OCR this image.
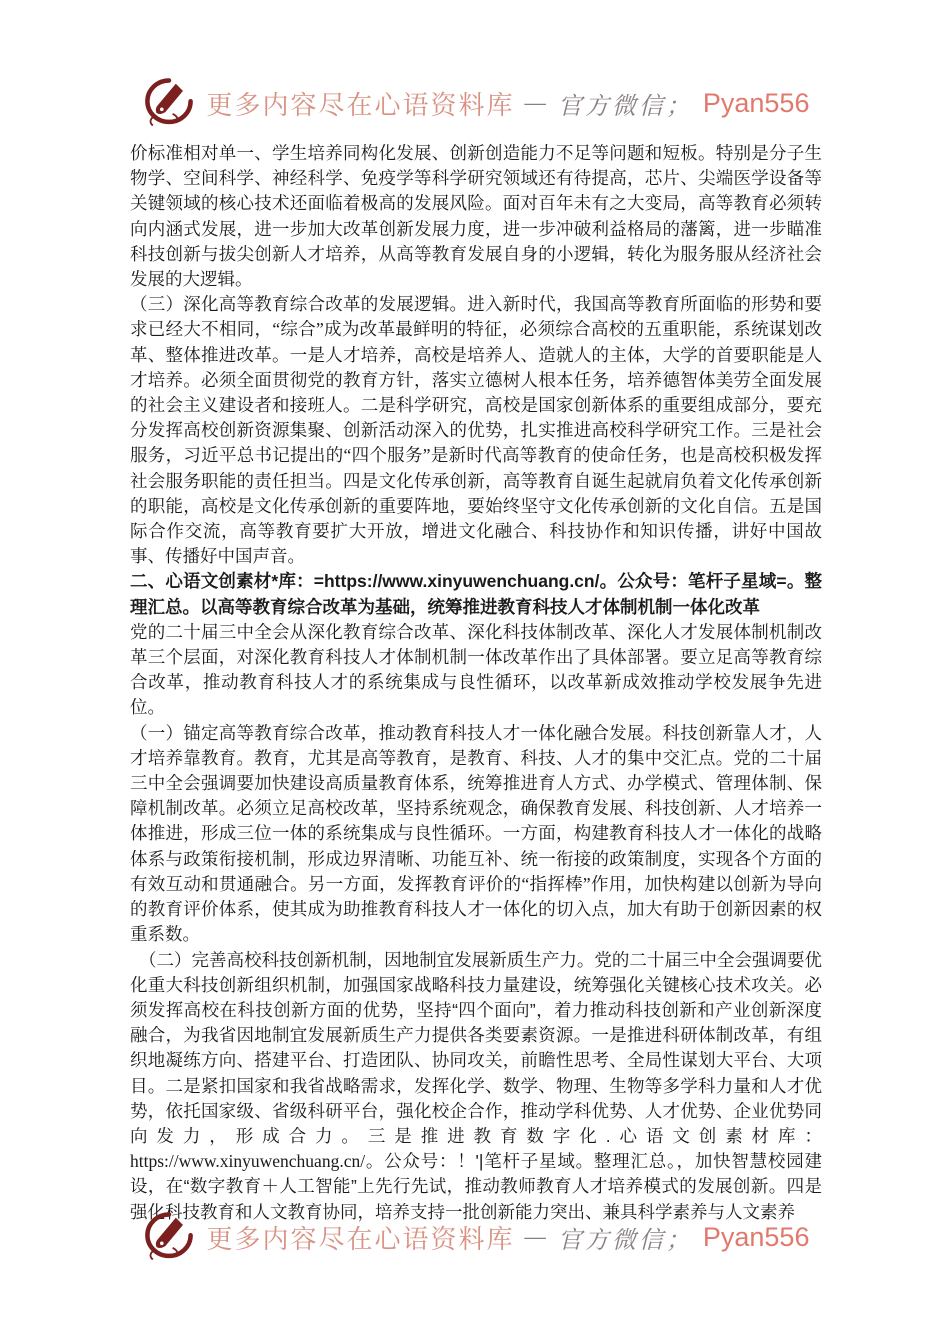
更多内容尽在心语资料库 — 官方微信； Pyan556

价标准相对单一、学生培养同构化发展、创新创造能力不足等问题和短板。特别是分子生物学、空间科学、神经科学、免疫学等科学研究领域还有待提高，芯片、尖端医学设备等关键领域的核心技术还面临着极高的发展风险。面对百年未有之大变局，高等教育必须转向内涵式发展，进一步加大改革创新发展力度，进一步冲破利益格局的藩篱，进一步瞄准科技创新与拔尖创新人才培养，从高等教育发展自身的小逻辑，转化为服务服从经济社会发展的大逻辑。

（三）深化高等教育综合改革的发展逻辑。进入新时代，我国高等教育所面临的形势和要求已经大不相同，“综合”成为改革最鲜明的特征，必须综合高校的五重职能，系统谋划改革、整体推进改革。一是人才培养，高校是培养人、造就人的主体，大学的首要职能是人才培养。必须全面贯彻党的教育方针，落实立德树人根本任务，培养德智体美劳全面发展的社会主义建设者和接班人。二是科学研究，高校是国家创新体系的重要组成部分，要充分发挥高校创新资源集聚、创新活动深入的优势，扎实推进高校科学研究工作。三是社会服务，习近平总书记提出的“四个服务”是新时代高等教育的使命任务，也是高校积极发挥社会服务职能的责任担当。四是文化传承创新，高等教育自诞生起就肩负着文化传承创新的职能，高校是文化传承创新的重要阵地，要始终坚守文化传承创新的文化自信。五是国际合作交流，高等教育要扩大开放，增进文化融合、科技协作和知识传播，讲好中国故事、传播好中国声音。

二、心语文创素材*库：=https://www.xinyuwenchuang.cn/。公众号：笔杆子星域=。整理汇总。以高等教育综合改革为基础，统筹推进教育科技人才体制机制一体化改革

党的二十届三中全会从深化教育综合改革、深化科技体制改革、深化人才发展体制机制改革三个层面，对深化教育科技人才体制机制一体改革作出了具体部署。要立足高等教育综合改革，推动教育科技人才的系统集成与良性循环，以改革新成效推动学校发展争先进位。

（一）锚定高等教育综合改革，推动教育科技人才一体化融合发展。科技创新靠人才，人才培养靠教育。教育，尤其是高等教育，是教育、科技、人才的集中交汇点。党的二十届三中全会强调要加快建设高质量教育体系，统筹推进育人方式、办学模式、管理体制、保障机制改革。必须立足高校改革，坚持系统观念，确保教育发展、科技创新、人才培养一体推进，形成三位一体的系统集成与良性循环。一方面，构建教育科技人才一体化的战略体系与政策衔接机制，形成边界清晰、功能互补、统一衔接的政策制度，实现各个方面的有效互动和贯通融合。另一方面，发挥教育评价的“指挥棒”作用，加快构建以创新为导向的教育评价体系，使其成为助推教育科技人才一体化的切入点，加大有助于创新因素的权重系数。

（二）完善高校科技创新机制，因地制宜发展新质生产力。党的二十届三中全会强调要优化重大科技创新组织机制，加强国家战略科技力量建设，统筹强化关键核心技术攻关。必须发挥高校在科技创新方面的优势，坚持“四个面向”，着力推动科技创新和产业创新深度融合，为我省因地制宜发展新质生产力提供各类要素资源。一是推进科研体制改革，有组织地凝练方向、搭建平台、打造团队、协同攻关，前瞻性思考、全局性谋划大平台、大项目。二是紧扣国家和我省战略需求，发挥化学、数学、物理、生物等多学科力量和人才优势，依托国家级、省级科研平台，强化校企合作，推动学科优势、人才优势、企业优势同向发力，形成合力。三是推进教育数字化.心语文创素材库：https://www.xinyuwenchuang.cn/。公众号：！'|笔杆子星域。整理汇总。，加快智慧校园建设，在“数字教育＋人工智能”上先行先试，推动教师教育人才培养模式的发展创新。四是强化科技教育和人文教育协同，培养支持一批创新能力突出、兼具科学素养与人文素养

更多内容尽在心语资料库 — 官方微信； Pyan556
